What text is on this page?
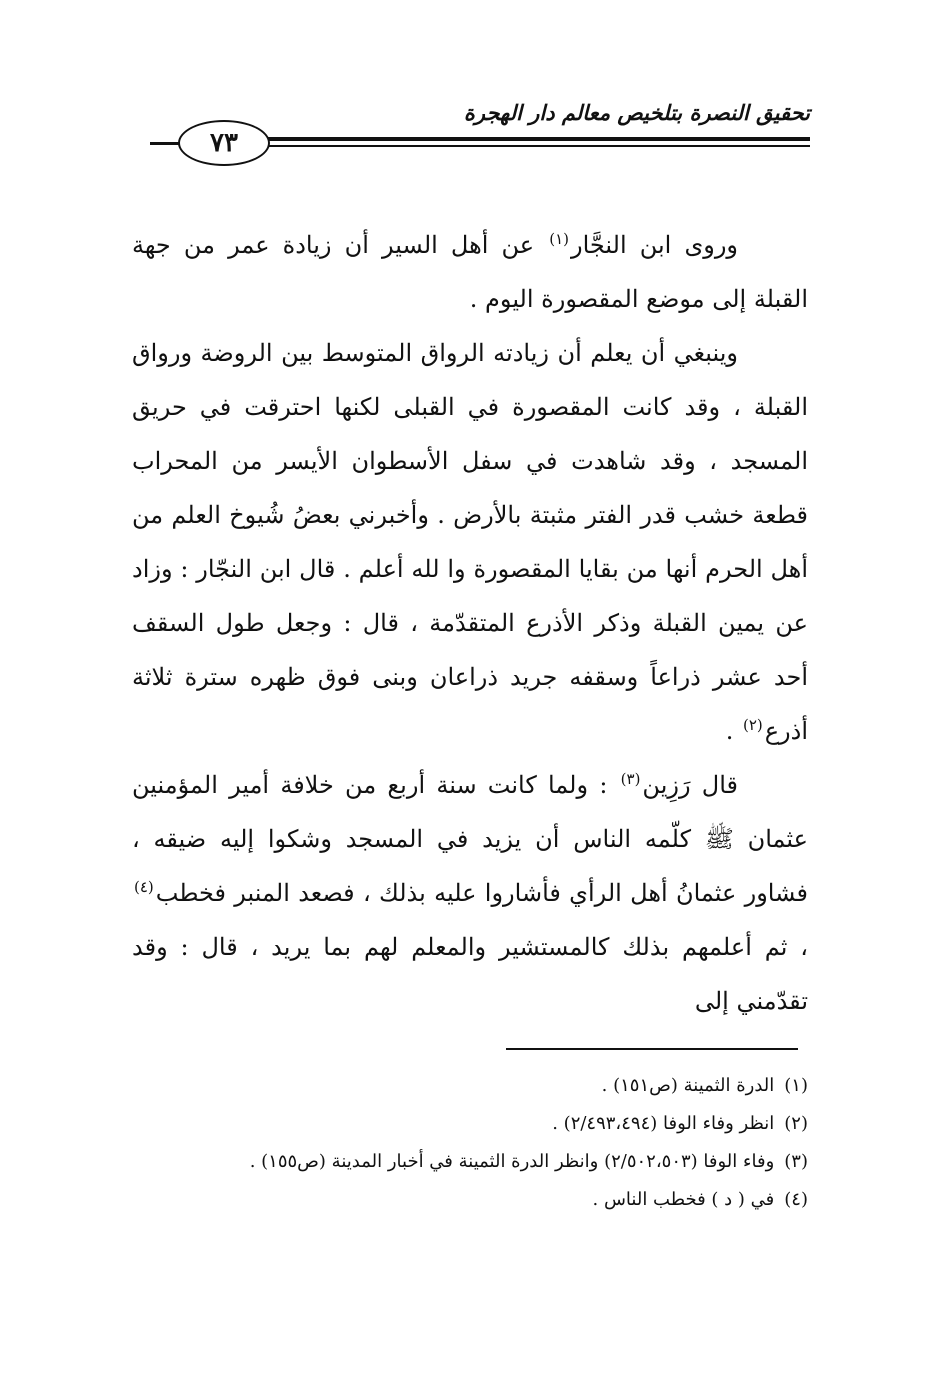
تحقيق النصرة بتلخيص معالم دار الهجرة
٧٣

وروى ابن النجَّار$^{(١)}$ عن أهل السير أن زيادة عمر من جهة القبلة إلى موضع المقصورة اليوم .

وينبغي أن يعلم أن زيادته الرواق المتوسط بين الروضة ورواق القبلة ، وقد كانت المقصورة في القبلى لكنها احترقت في حريق المسجد ، وقد شاهدت في سفل الأسطوان الأيسر من المحراب قطعة خشب قدر الفتر مثبتة بالأرض . وأخبرني بعضُ شُيوخ العلم من أهل الحرم أنها من بقايا المقصورة وا لله أعلم . قال ابن النجّار : وزاد عن يمين القبلة وذكر الأذرع المتقدّمة ، قال : وجعل طول السقف أحد عشر ذراعاً وسقفه جريد ذراعان وبنى فوق ظهره سترة ثلاثة أذرع$^{(٢)}$ .

قال رَزِين$^{(٣)}$ : ولما كانت سنة أربع من خلافة أمير المؤمنين عثمان ﷺ كلّمه الناس أن يزيد في المسجد وشكوا إليه ضيقه ، فشاور عثمانُ أهل الرأي فأشاروا عليه بذلك ، فصعد المنبر فخطب$^{(٤)}$ ، ثم أعلمهم بذلك كالمستشير والمعلم لهم بما يريد ، قال : وقد تقدّمني إلى

(١)الدرة الثمينة (ص١٥١) .

(٢)انظر وفاء الوفا (٢/٤٩٣،٤٩٤) .

(٣)وفاء الوفا (٢/٥٠٢،٥٠٣) وانظر الدرة الثمينة في أخبار المدينة (ص١٥٥) .

(٤)في ( د ) فخطب الناس .
